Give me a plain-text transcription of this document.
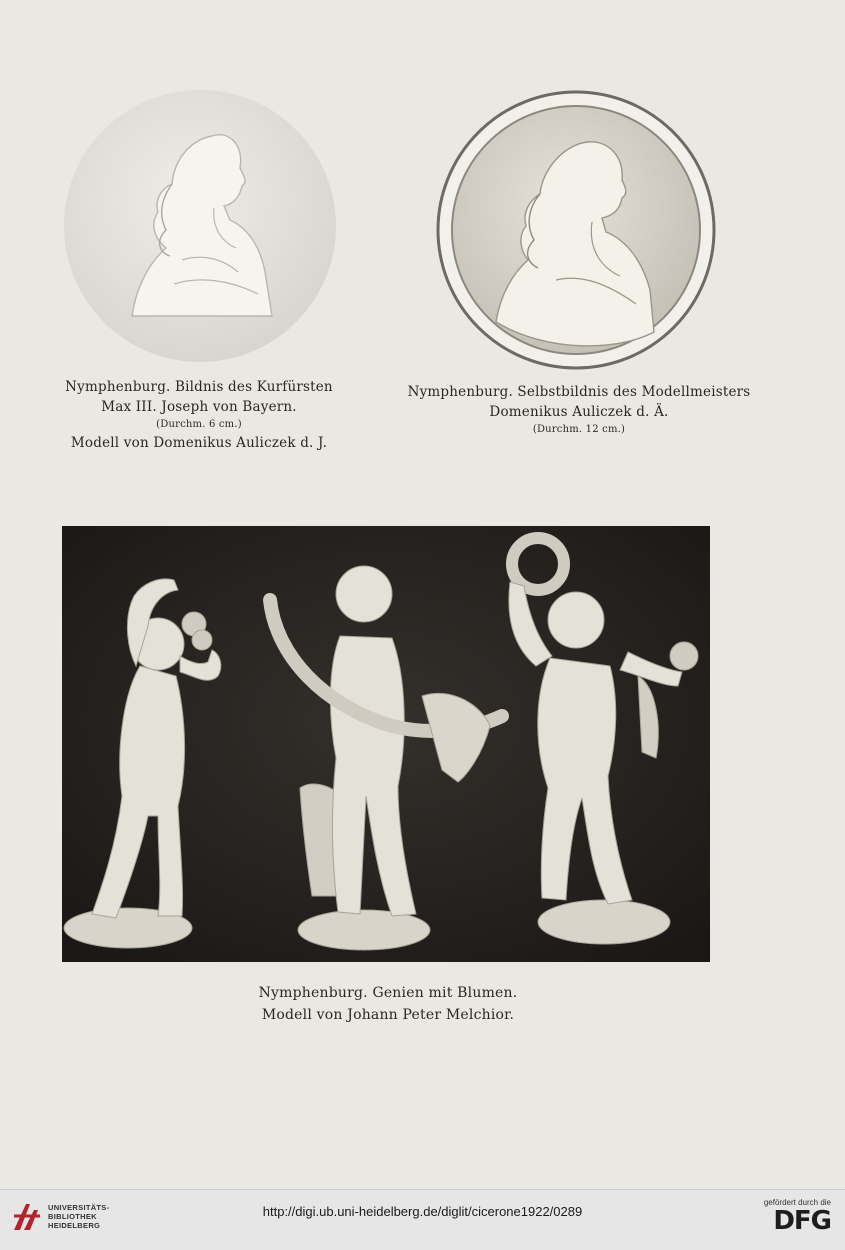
Nymphenburg. Bildnis des Kurfürsten
Max III. Joseph von Bayern.
(Durchm. 6 cm.)
Modell von Domenikus Auliczek d. J.
Nymphenburg. Selbstbildnis des Modellmeisters
Domenikus Auliczek d. Ä.
(Durchm. 12 cm.)
Nymphenburg. Genien mit Blumen.
Modell von Johann Peter Melchior.
UNIVERSITÄTS-
BIBLIOTHEK
HEIDELBERG
http://digi.ub.uni-heidelberg.de/diglit/cicerone1922/0289
gefördert durch die
DFG
